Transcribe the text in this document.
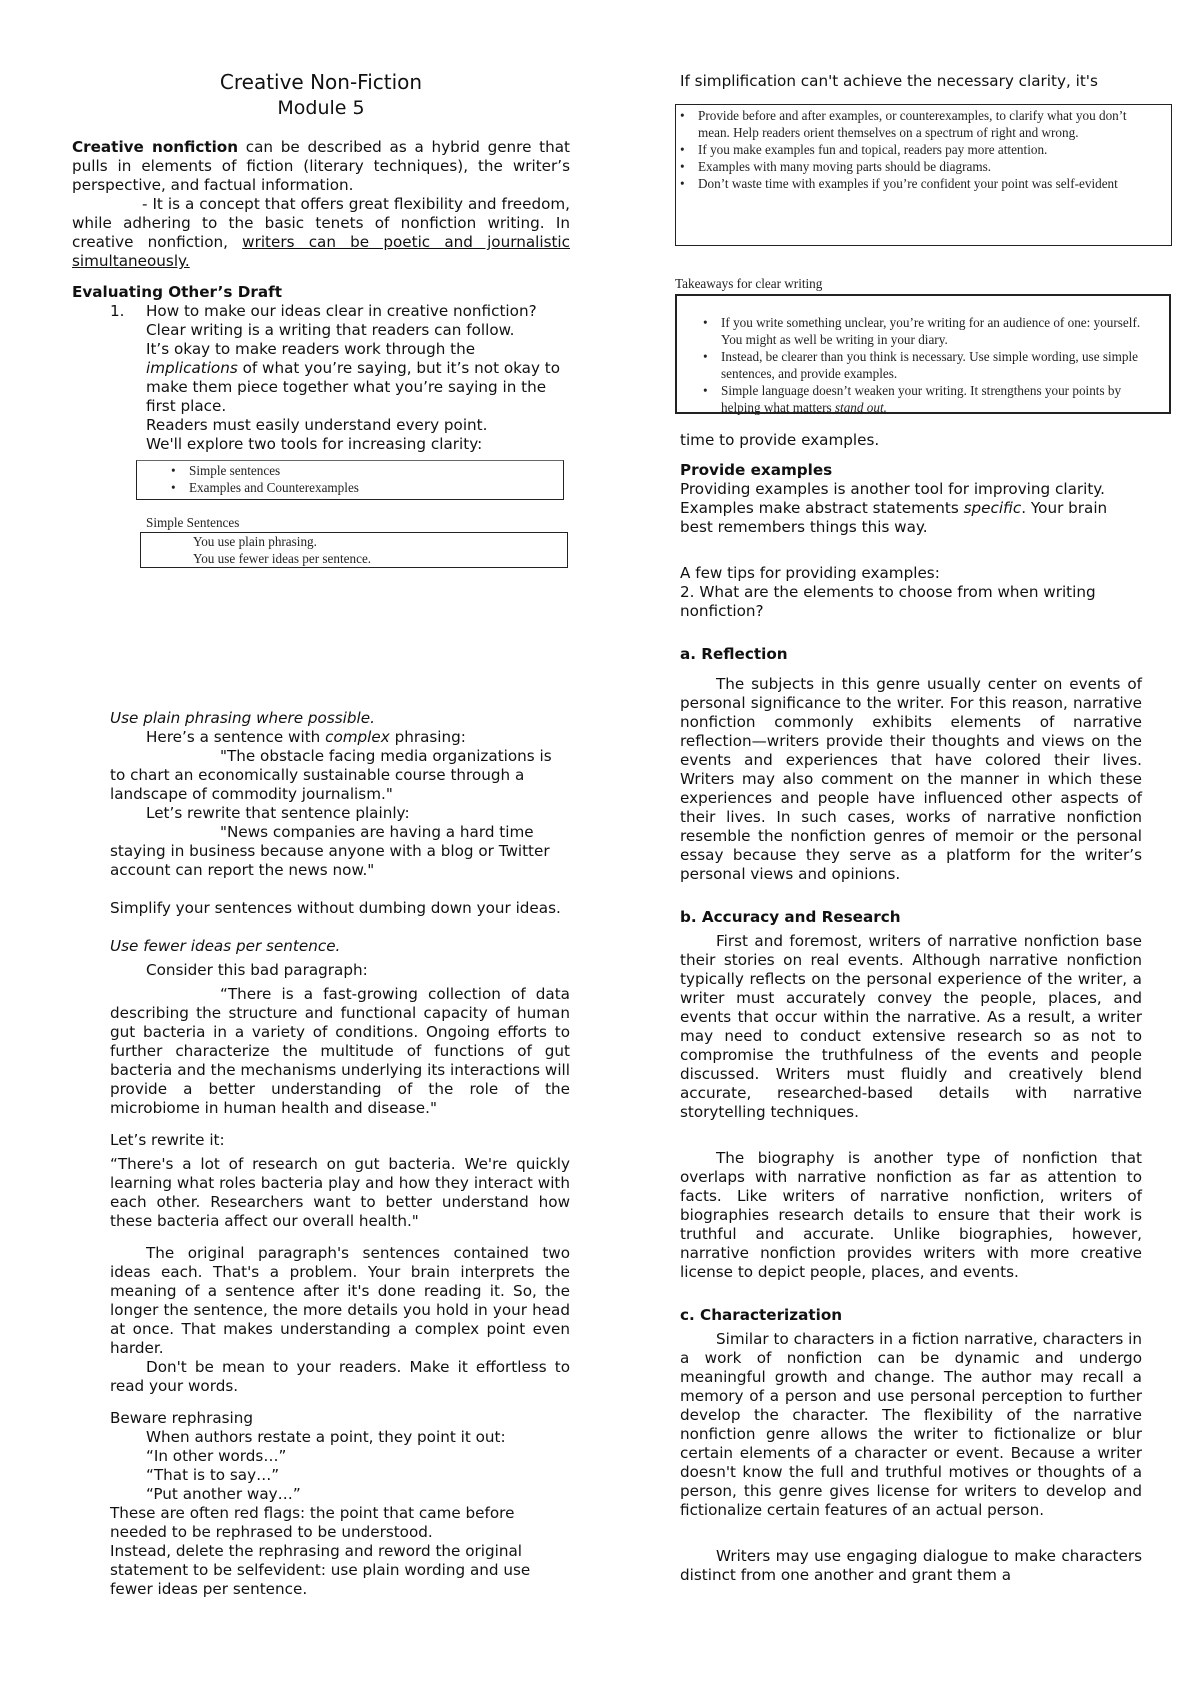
Creative Non-Fiction
Module 5

Creative nonfiction can be described as a hybrid genre that pulls in elements of fiction (literary techniques), the writer’s perspective, and factual information.

- It is a concept that offers great flexibility and freedom, while adhering to the basic tenets of nonfiction writing. In creative nonfiction, writers can be poetic and journalistic simultaneously.

Evaluating Other’s Draft
1. How to make our ideas clear in creative nonfiction?
Clear writing is a writing that readers can follow.
It’s okay to make readers work through the implications of what you’re saying, but it’s not okay to make them piece together what you’re saying in the first place.
Readers must easily understand every point.
We'll explore two tools for increasing clarity:
• Simple sentences
• Examples and Counterexamples
Simple Sentences
You use plain phrasing.
You use fewer ideas per sentence.
Use plain phrasing where possible.
Here’s a sentence with complex phrasing:
"The obstacle facing media organizations is to chart an economically sustainable course through a landscape of commodity journalism."
Let’s rewrite that sentence plainly:
"News companies are having a hard time staying in business because anyone with a blog or Twitter account can report the news now."
Simplify your sentences without dumbing down your ideas.
Use fewer ideas per sentence.
Consider this bad paragraph:
“There is a fast-growing collection of data describing the structure and functional capacity of human gut bacteria in a variety of conditions. Ongoing efforts to further characterize the multitude of functions of gut bacteria and the mechanisms underlying its interactions will provide a better understanding of the role of the microbiome in human health and disease."
Let’s rewrite it:
“There's a lot of research on gut bacteria. We're quickly learning what roles bacteria play and how they interact with each other. Researchers want to better understand how these bacteria affect our overall health."
The original paragraph's sentences contained two ideas each. That's a problem. Your brain interprets the meaning of a sentence after it's done reading it. So, the longer the sentence, the more details you hold in your head at once. That makes understanding a complex point even harder.
Don't be mean to your readers. Make it effortless to read your words.
Beware rephrasing
When authors restate a point, they point it out:
“In other words…”
“That is to say…”
“Put another way…”
These are often red flags: the point that came before needed to be rephrased to be understood.
Instead, delete the rephrasing and reword the original statement to be selfevident: use plain wording and use fewer ideas per sentence.
If simplification can't achieve the necessary clarity, it's
• Provide before and after examples, or counterexamples, to clarify what you don’t mean. Help readers orient themselves on a spectrum of right and wrong.
• If you make examples fun and topical, readers pay more attention.
• Examples with many moving parts should be diagrams.
• Don’t waste time with examples if you’re confident your point was self-evident
Takeaways for clear writing
• If you write something unclear, you’re writing for an audience of one: yourself. You might as well be writing in your diary.
• Instead, be clearer than you think is necessary. Use simple wording, use simple sentences, and provide examples.
• Simple language doesn’t weaken your writing. It strengthens your points by helping what matters stand out.
time to provide examples.
Provide examples
Providing examples is another tool for improving clarity.
Examples make abstract statements specific. Your brain best remembers things this way.
A few tips for providing examples:
2. What are the elements to choose from when writing nonfiction?
a. Reflection
The subjects in this genre usually center on events of personal significance to the writer. For this reason, narrative nonfiction commonly exhibits elements of narrative reflection—writers provide their thoughts and views on the events and experiences that have colored their lives. Writers may also comment on the manner in which these experiences and people have influenced other aspects of their lives. In such cases, works of narrative nonfiction resemble the nonfiction genres of memoir or the personal essay because they serve as a platform for the writer’s personal views and opinions.
b. Accuracy and Research
First and foremost, writers of narrative nonfiction base their stories on real events. Although narrative nonfiction typically reflects on the personal experience of the writer, a writer must accurately convey the people, places, and events that occur within the narrative. As a result, a writer may need to conduct extensive research so as not to compromise the truthfulness of the events and people discussed. Writers must fluidly and creatively blend accurate, researched-based details with narrative storytelling techniques.
The biography is another type of nonfiction that overlaps with narrative nonfiction as far as attention to facts. Like writers of narrative nonfiction, writers of biographies research details to ensure that their work is truthful and accurate. Unlike biographies, however, narrative nonfiction provides writers with more creative license to depict people, places, and events.
c. Characterization
Similar to characters in a fiction narrative, characters in a work of nonfiction can be dynamic and undergo meaningful growth and change. The author may recall a memory of a person and use personal perception to further develop the character. The flexibility of the narrative nonfiction genre allows the writer to fictionalize or blur certain elements of a character or event. Because a writer doesn't know the full and truthful motives or thoughts of a person, this genre gives license for writers to develop and fictionalize certain features of an actual person.
Writers may use engaging dialogue to make characters distinct from one another and grant them a
